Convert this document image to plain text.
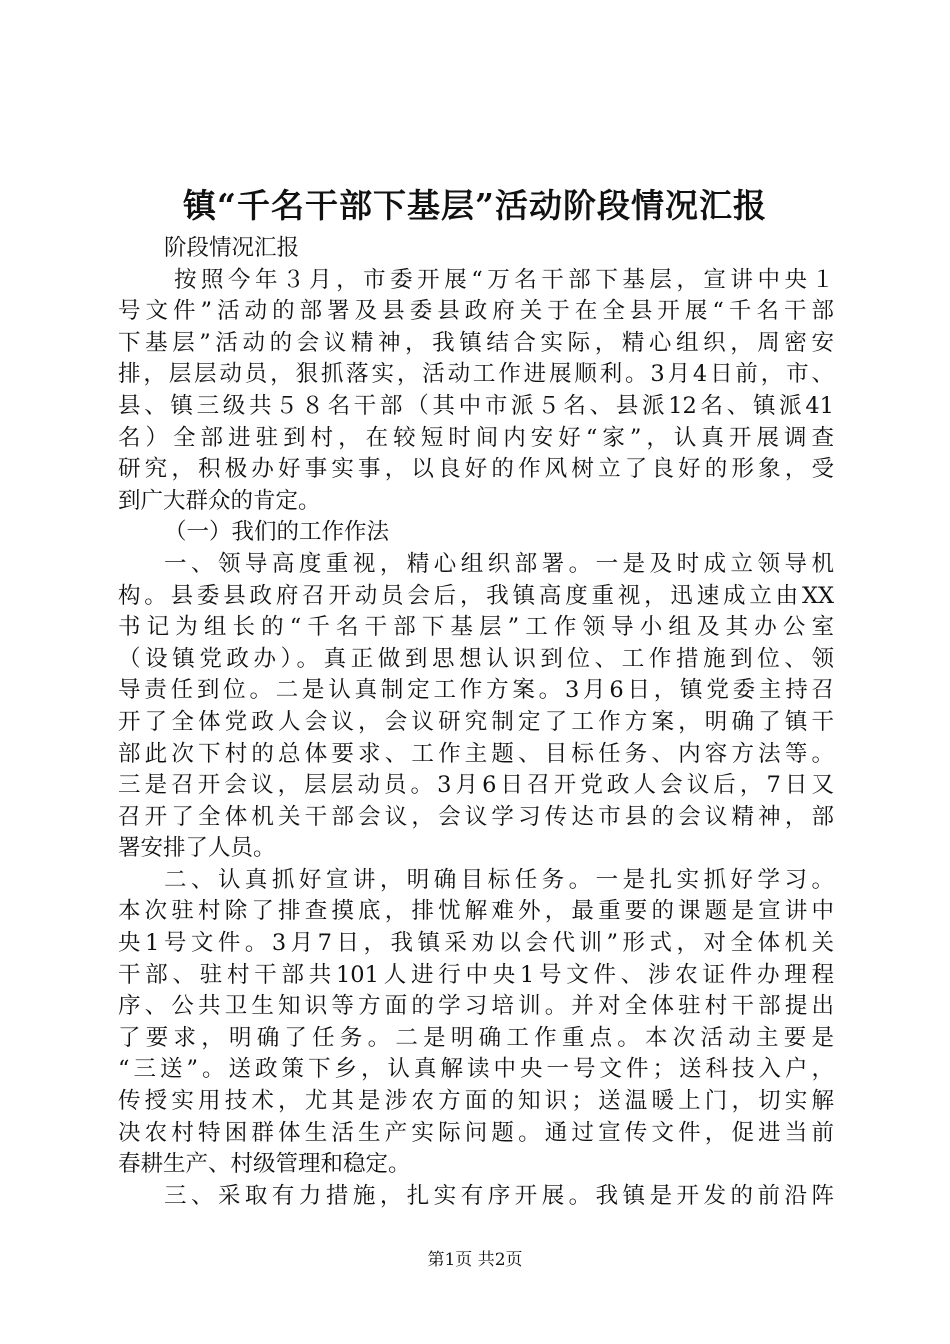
镇“千名干部下基层”活动阶段情况汇报
阶段情况汇报
按照今年３月，市委开展“万名干部下基层，宣讲中央１
号文件”活动的部署及县委县政府关于在全县开展“千名干部
下基层”活动的会议精神，我镇结合实际，精心组织，周密安
排，层层动员，狠抓落实，活动工作进展顺利。3月4日前，市、
县、镇三级共５８名干部（其中市派５名、县派12名、镇派41
名）全部进驻到村，在较短时间内安好“家”，认真开展调查
研究，积极办好事实事，以良好的作风树立了良好的形象，受
到广大群众的肯定。
（一）我们的工作作法
一、领导高度重视，精心组织部署。一是及时成立领导机
构。县委县政府召开动员会后，我镇高度重视，迅速成立由XX
书记为组长的“千名干部下基层”工作领导小组及其办公室
（设镇党政办）。真正做到思想认识到位、工作措施到位、领
导责任到位。二是认真制定工作方案。3月6日，镇党委主持召
开了全体党政人会议，会议研究制定了工作方案，明确了镇干
部此次下村的总体要求、工作主题、目标任务、内容方法等。
三是召开会议，层层动员。3月6日召开党政人会议后，7日又
召开了全体机关干部会议，会议学习传达市县的会议精神，部
署安排了人员。
二、认真抓好宣讲，明确目标任务。一是扎实抓好学习。
本次驻村除了排查摸底，排忧解难外，最重要的课题是宣讲中
央1号文件。3月7日，我镇采劝以会代训”形式，对全体机关
干部、驻村干部共101人进行中央1号文件、涉农证件办理程
序、公共卫生知识等方面的学习培训。并对全体驻村干部提出
了要求，明确了任务。二是明确工作重点。本次活动主要是
“三送”。送政策下乡，认真解读中央一号文件；送科技入户，
传授实用技术，尤其是涉农方面的知识；送温暖上门，切实解
决农村特困群体生活生产实际问题。通过宣传文件，促进当前
春耕生产、村级管理和稳定。
三、采取有力措施，扎实有序开展。我镇是开发的前沿阵
第1页 共2页
